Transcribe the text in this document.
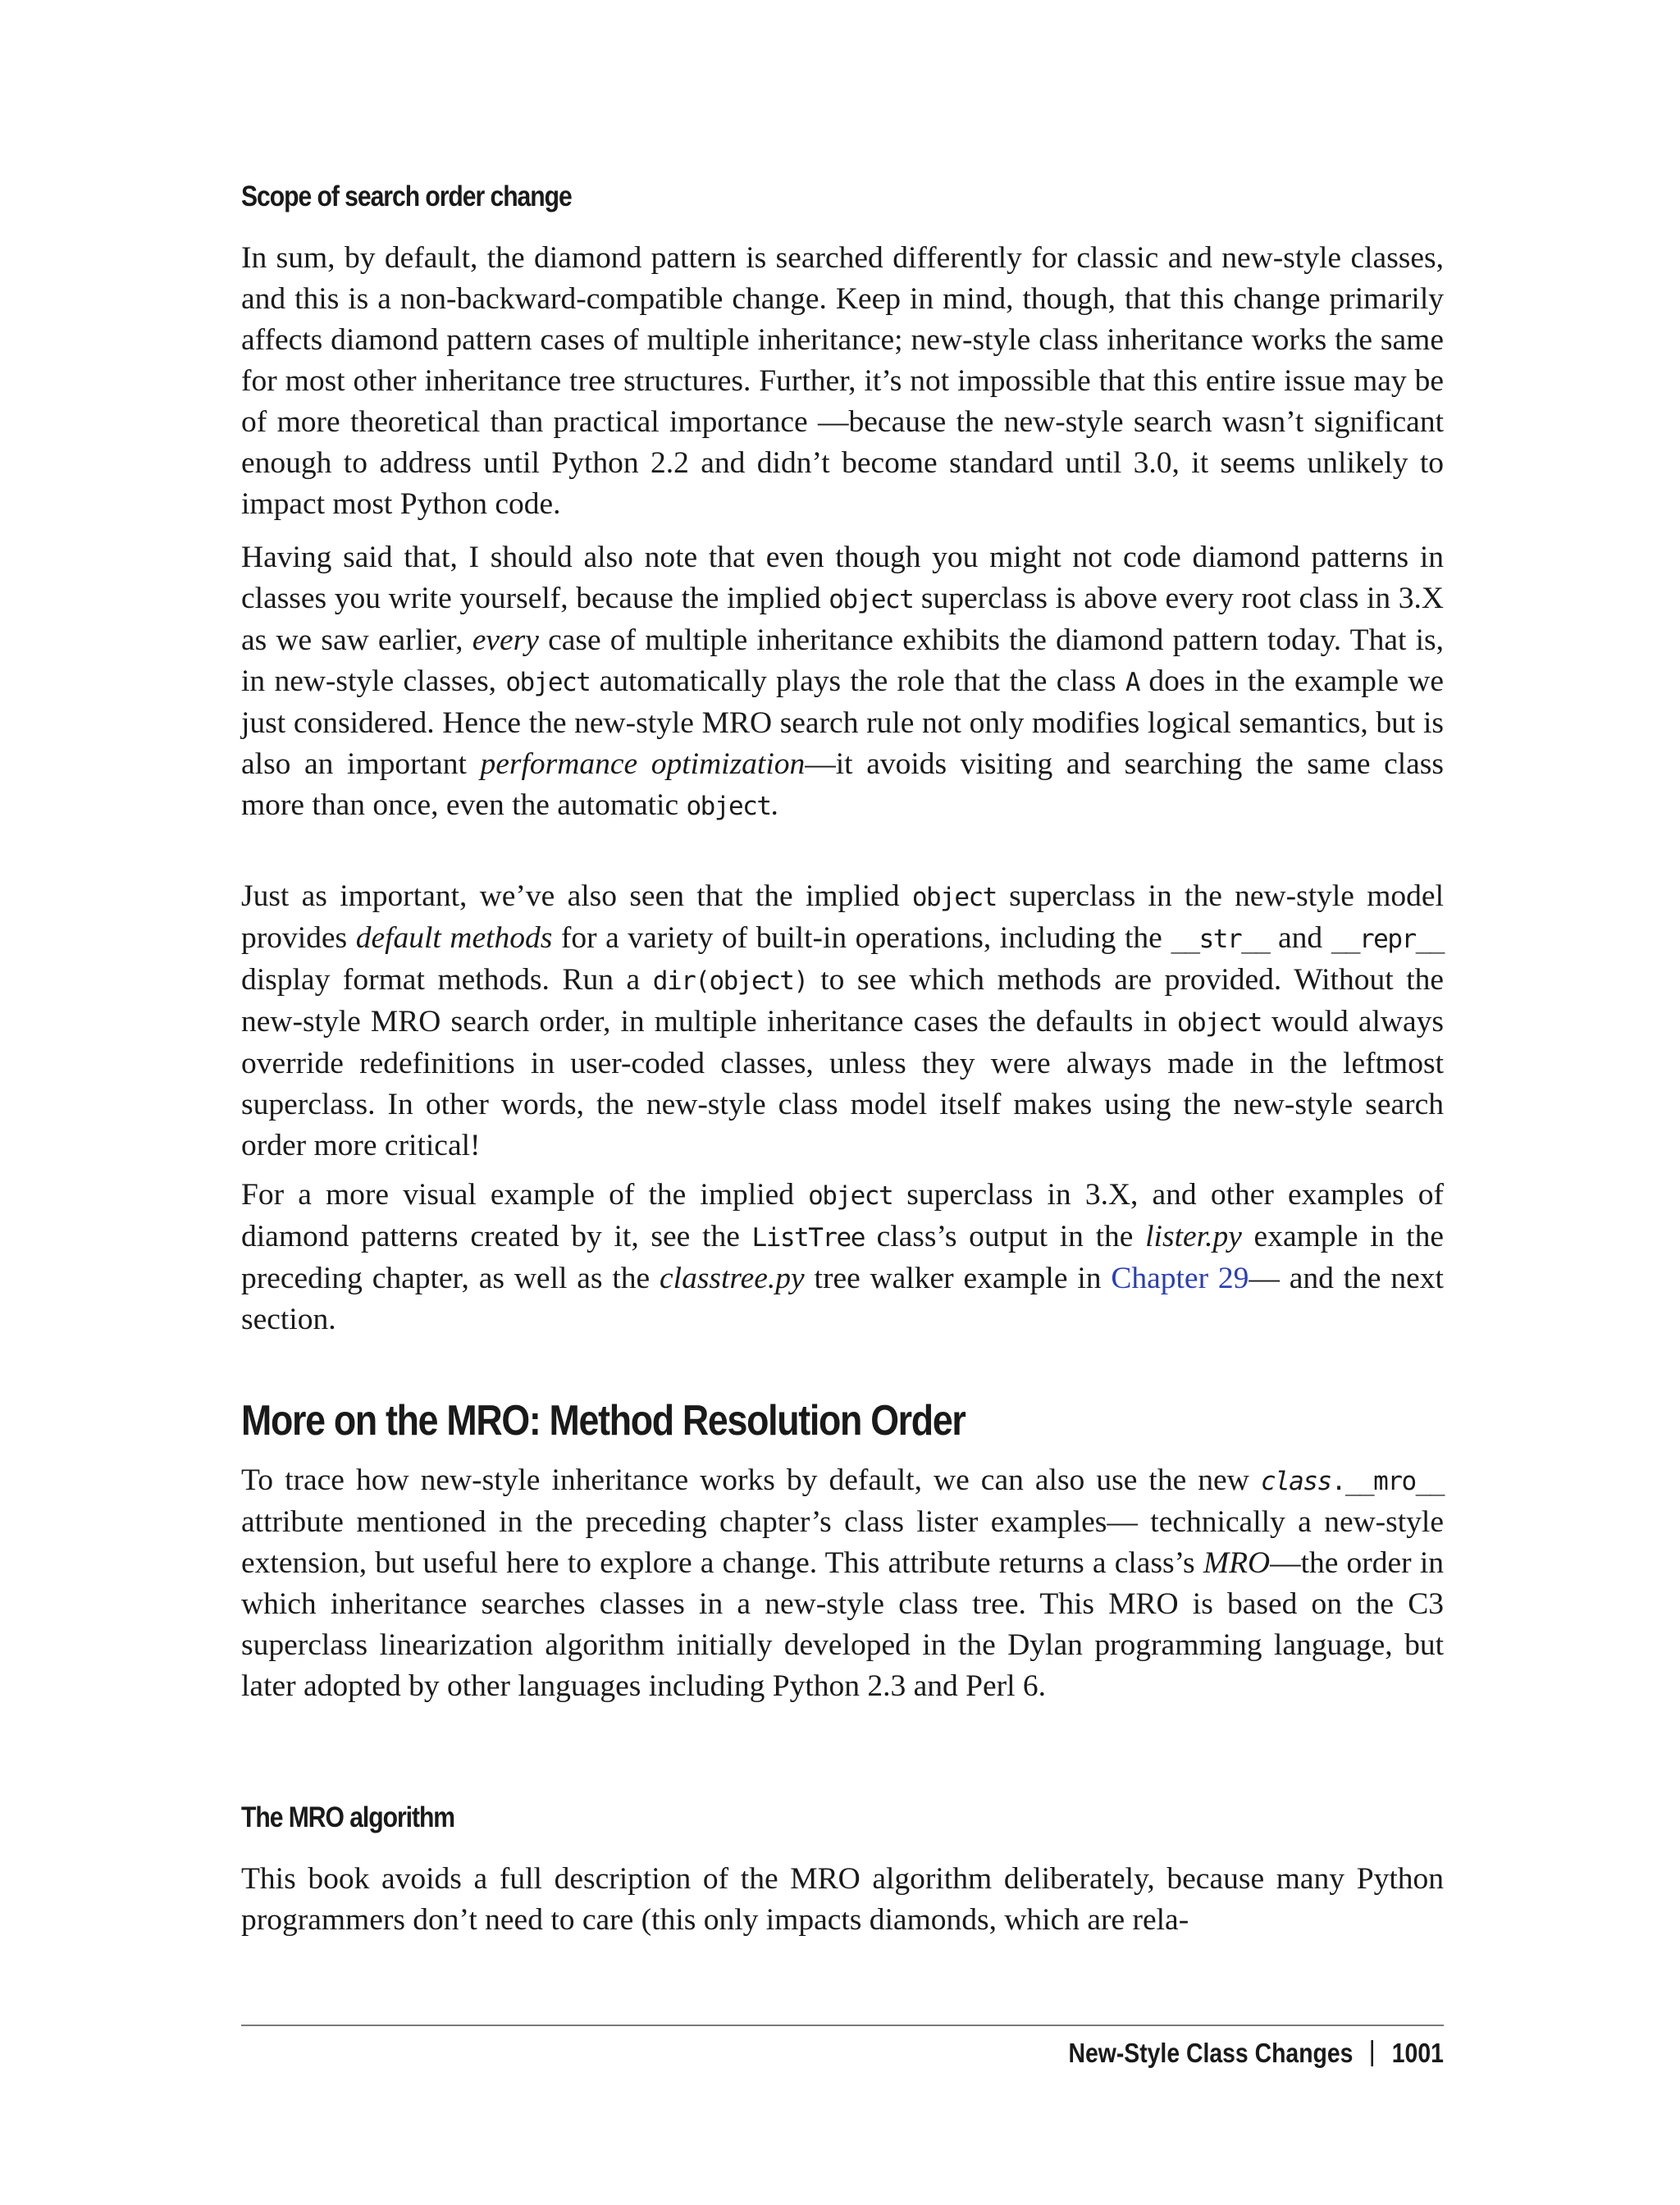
Scope of search order change

In sum, by default, the diamond pattern is searched differently for classic and new-style classes, and this is a non-backward-compatible change. Keep in mind, though, that this change primarily affects diamond pattern cases of multiple inheritance; new-style class inheritance works the same for most other inheritance tree structures. Further, it’s not impossible that this entire issue may be of more theoretical than practical importance —because the new-style search wasn’t significant enough to address until Python 2.2 and didn’t become standard until 3.0, it seems unlikely to impact most Python code.

Having said that, I should also note that even though you might not code diamond patterns in classes you write yourself, because the implied object superclass is above every root class in 3.X as we saw earlier, every case of multiple inheritance exhibits the diamond pattern today. That is, in new-style classes, object automatically plays the role that the class A does in the example we just considered. Hence the new-style MRO search rule not only modifies logical semantics, but is also an important performance optimization—it avoids visiting and searching the same class more than once, even the automatic object.

Just as important, we’ve also seen that the implied object superclass in the new-style model provides default methods for a variety of built-in operations, including the __str__ and __repr__ display format methods. Run a dir(object) to see which methods are provided. Without the new-style MRO search order, in multiple inheritance cases the defaults in object would always override redefinitions in user-coded classes, unless they were always made in the leftmost superclass. In other words, the new-style class model itself makes using the new-style search order more critical!

For a more visual example of the implied object superclass in 3.X, and other examples of diamond patterns created by it, see the ListTree class’s output in the lister.py example in the preceding chapter, as well as the classtree.py tree walker example in Chapter 29— and the next section.

More on the MRO: Method Resolution Order

To trace how new-style inheritance works by default, we can also use the new class.__mro__ attribute mentioned in the preceding chapter’s class lister examples— technically a new-style extension, but useful here to explore a change. This attribute returns a class’s MRO—the order in which inheritance searches classes in a new-style class tree. This MRO is based on the C3 superclass linearization algorithm initially developed in the Dylan programming language, but later adopted by other languages including Python 2.3 and Perl 6.

The MRO algorithm

This book avoids a full description of the MRO algorithm deliberately, because many Python programmers don’t need to care (this only impacts diamonds, which are rela-

New-Style Class Changes 1001
